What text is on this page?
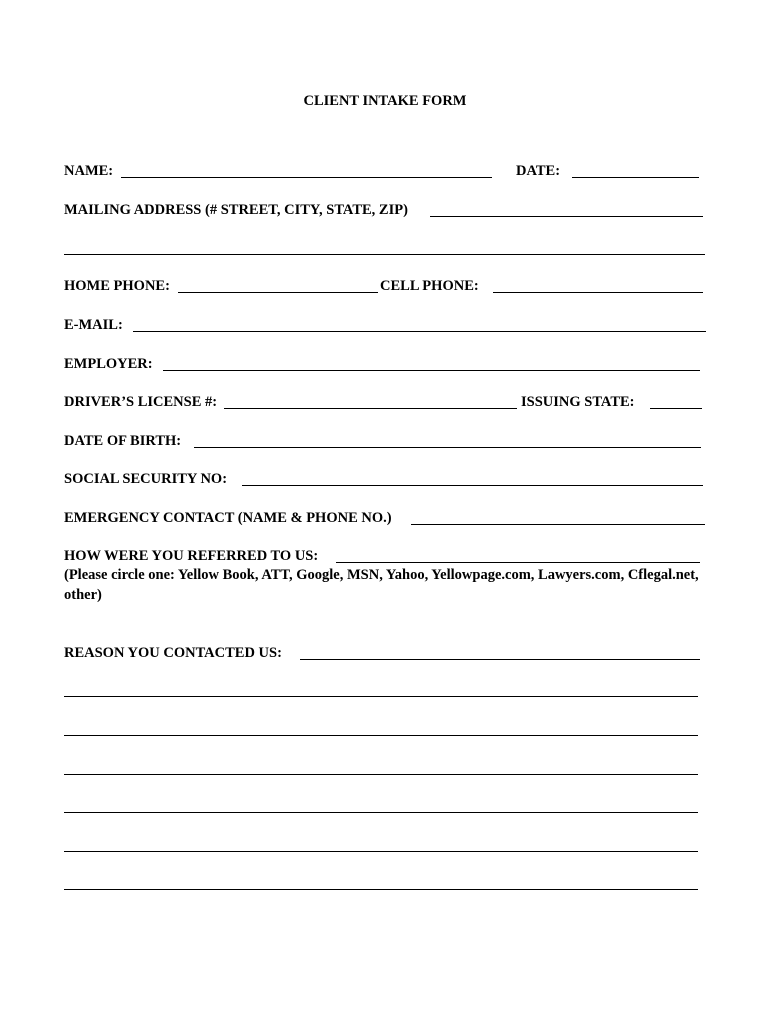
CLIENT INTAKE FORM
NAME:	DATE:
MAILING ADDRESS (# STREET, CITY, STATE, ZIP)
HOME PHONE:	CELL PHONE:
E-MAIL:
EMPLOYER:
DRIVER’S LICENSE #:	ISSUING STATE:
DATE OF BIRTH:
SOCIAL SECURITY NO:
EMERGENCY CONTACT (NAME & PHONE NO.)
HOW WERE YOU REFERRED TO US:
(Please circle one: Yellow Book, ATT, Google, MSN, Yahoo, Yellowpage.com, Lawyers.com, Cflegal.net, other)
REASON YOU CONTACTED US:
